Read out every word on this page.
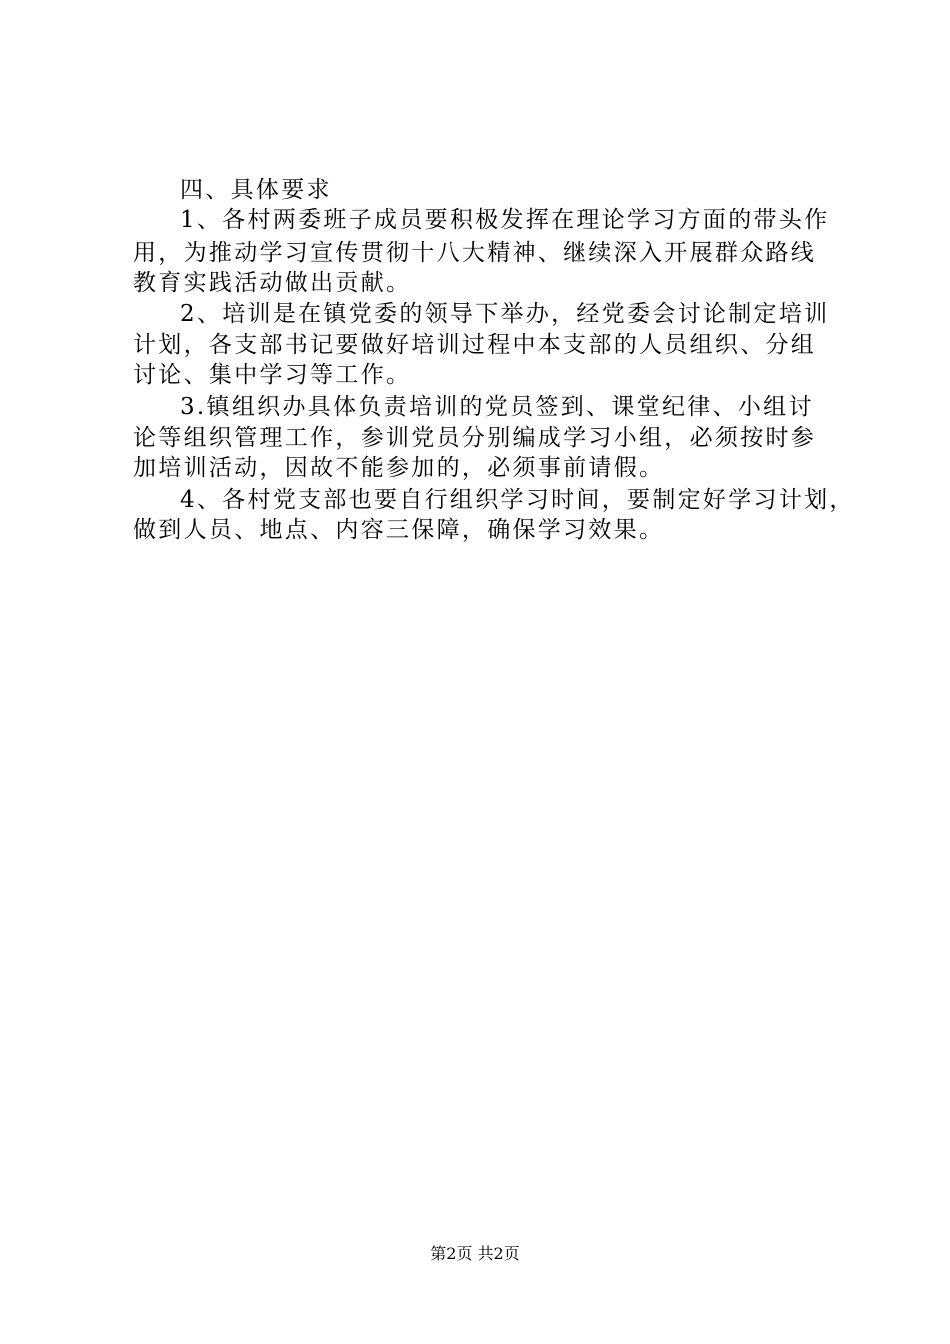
四、具体要求
1、各村两委班子成员要积极发挥在理论学习方面的带头作
用，为推动学习宣传贯彻十八大精神、继续深入开展群众路线
教育实践活动做出贡献。
2、培训是在镇党委的领导下举办，经党委会讨论制定培训
计划，各支部书记要做好培训过程中本支部的人员组织、分组
讨论、集中学习等工作。
3.镇组织办具体负责培训的党员签到、课堂纪律、小组讨
论等组织管理工作，参训党员分别编成学习小组，必须按时参
加培训活动，因故不能参加的，必须事前请假。
4、各村党支部也要自行组织学习时间，要制定好学习计划，
做到人员、地点、内容三保障，确保学习效果。
第2页 共2页
